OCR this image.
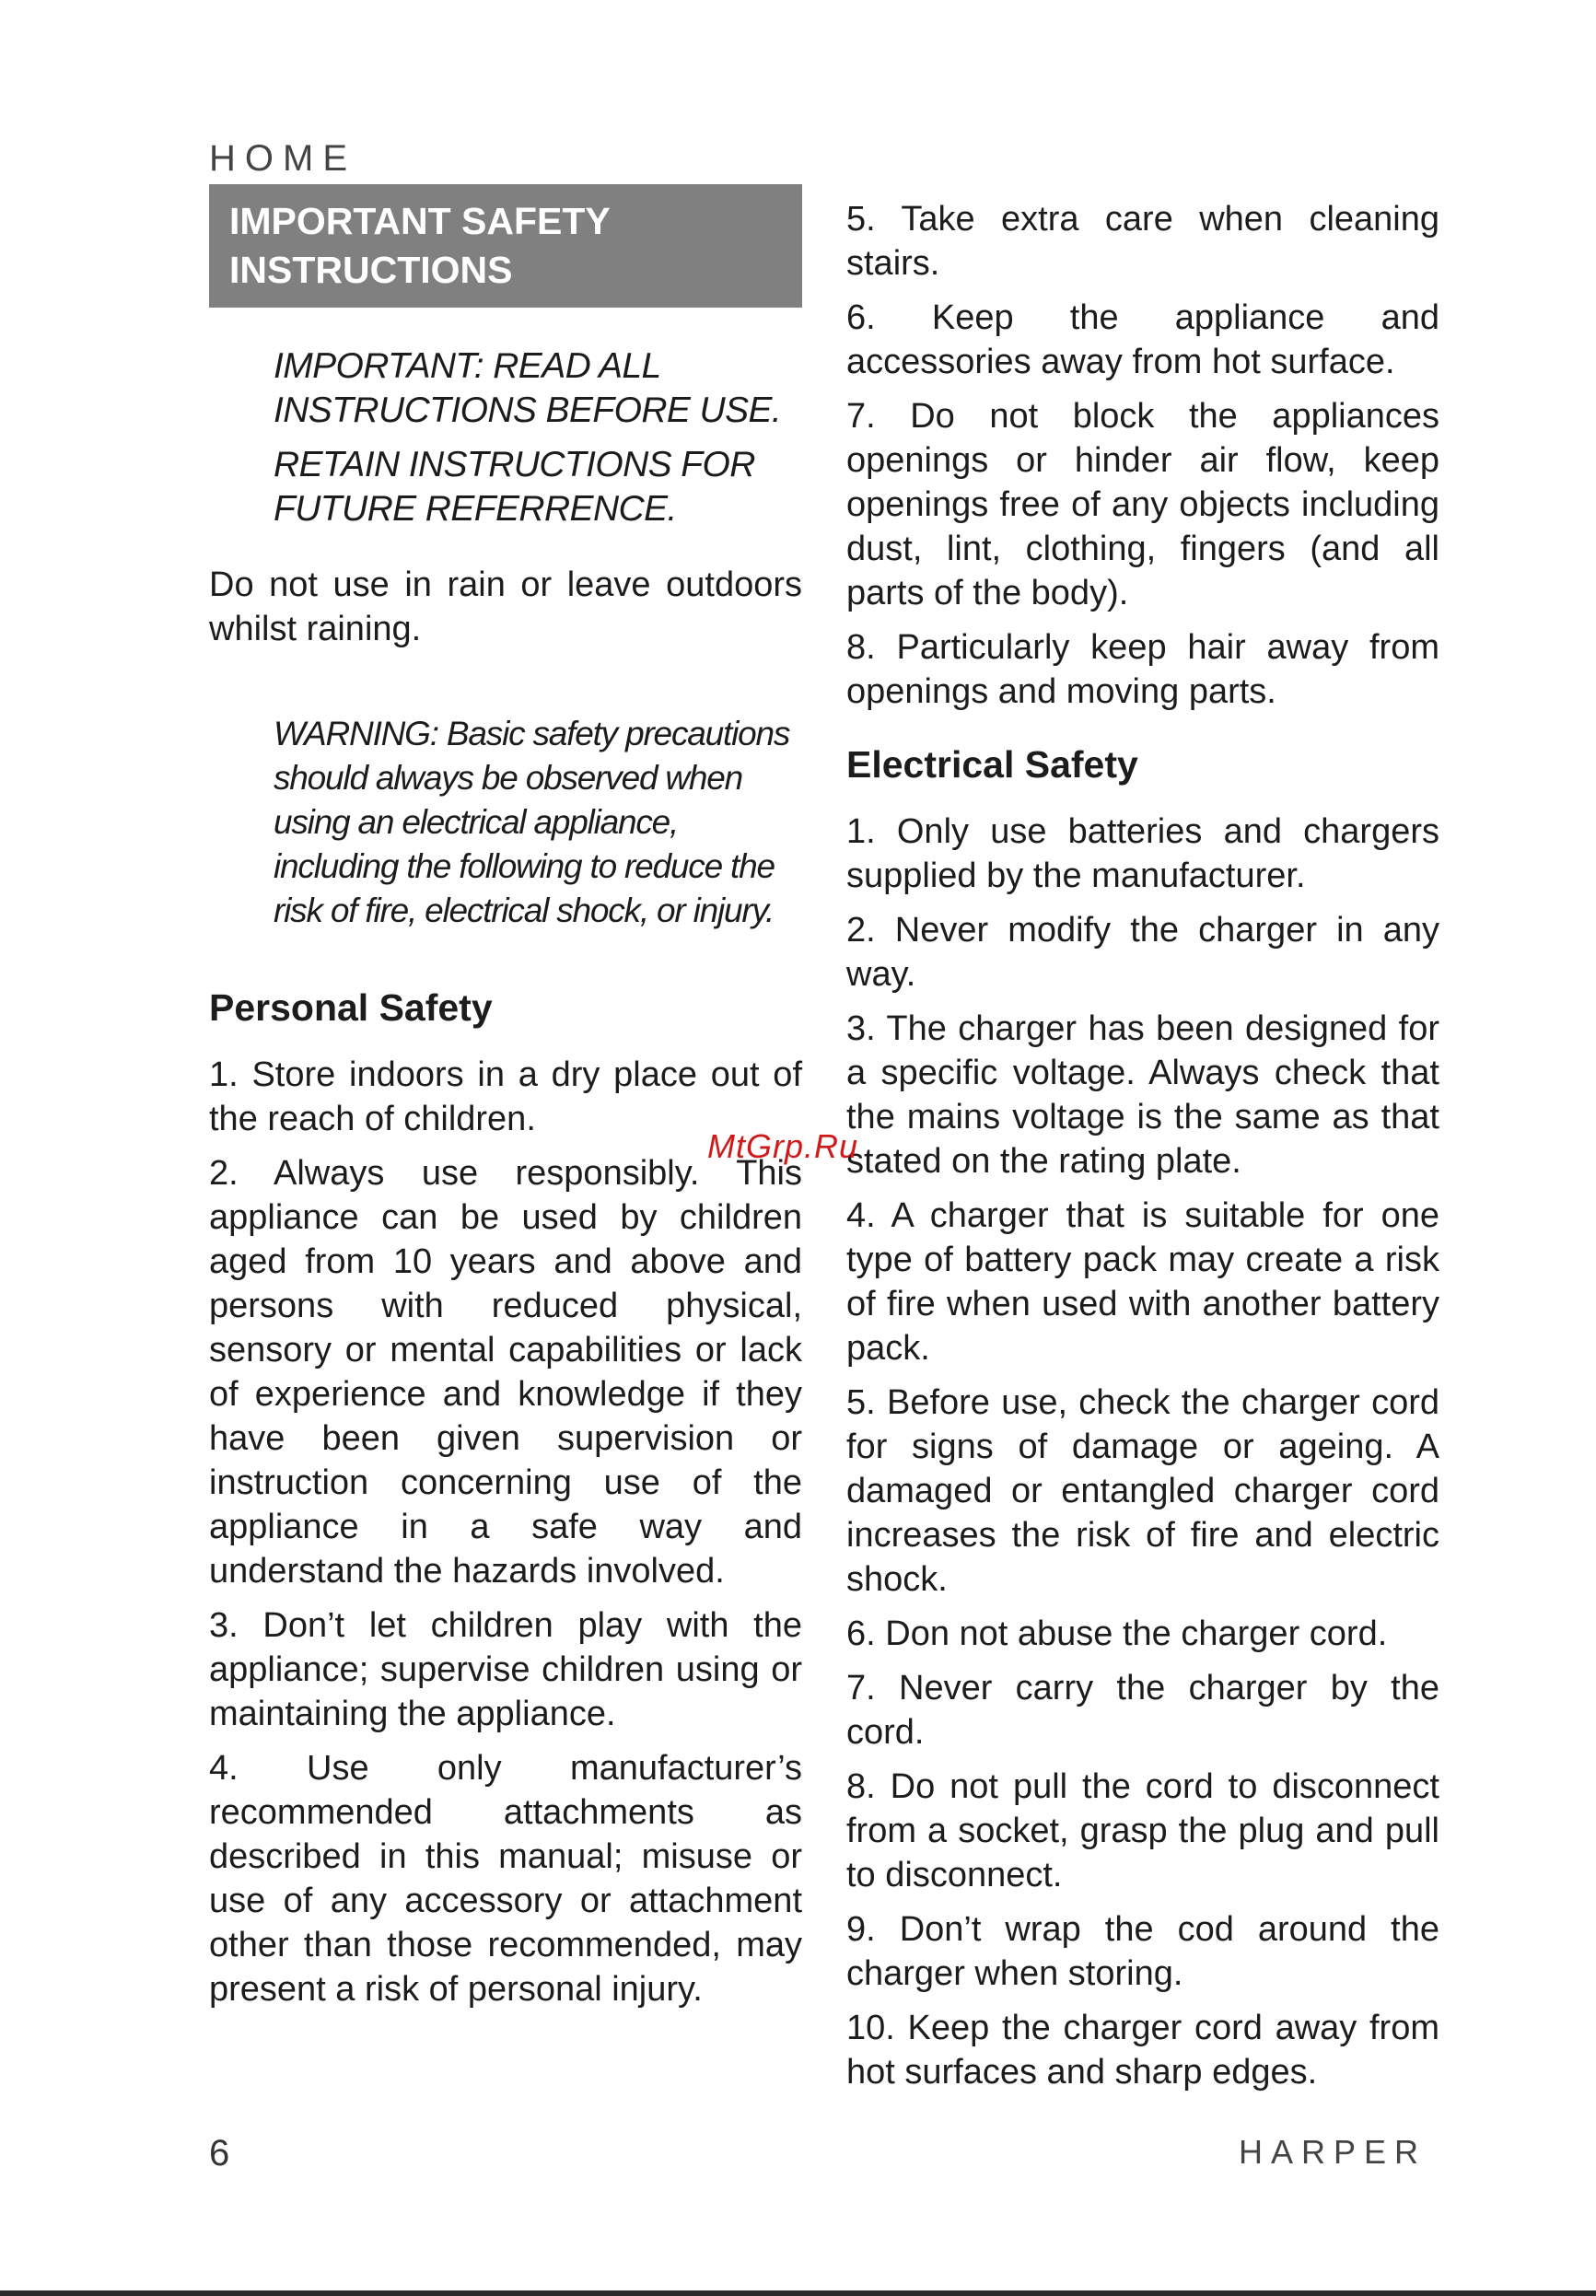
HOME
IMPORTANT SAFETY
INSTRUCTIONS

IMPORTANT: READ ALL INSTRUCTIONS BEFORE USE.

RETAIN INSTRUCTIONS FOR FUTURE REFERRENCE.

Do not use in rain or leave outdoors whilst raining.

WARNING: Basic safety precautions should always be observed when using an electrical appliance, including the following to reduce the risk of fire, electrical shock, or injury.
Personal Safety

1. Store indoors in a dry place out of the reach of children.

2. Always use responsibly. This appliance can be used by children aged from 10 years and above and persons with reduced physical, sensory or mental capabilities or lack of experience and knowledge if they have been given supervision or instruction concerning use of the appliance in a safe way and understand the hazards involved.

3. Don’t let children play with the appliance; supervise children using or maintaining the appliance.

4. Use only manufacturer’s recommended attachments as described in this manual; misuse or use of any accessory or attachment other than those recommended, may present a risk of personal injury.

5. Take extra care when cleaning stairs.

6. Keep the appliance and accessories away from hot surface.

7. Do not block the appliances openings or hinder air flow, keep openings free of any objects including dust, lint, clothing, fingers (and all parts of the body).

8. Particularly keep hair away from openings and moving parts.

Electrical Safety

1. Only use batteries and chargers supplied by the manufacturer.

2. Never modify the charger in any way.

3. The charger has been designed for a specific voltage. Always check that the mains voltage is the same as that stated on the rating plate.

4. A charger that is suitable for one type of battery pack may create a risk of fire when used with another battery pack.

5. Before use, check the charger cord for signs of damage or ageing. A damaged or entangled charger cord increases the risk of fire and electric shock.

6. Don not abuse the charger cord.

7. Never carry the charger by the cord.

8. Do not pull the cord to disconnect from a socket, grasp the plug and pull to disconnect.

9. Don’t wrap the cod around the charger when storing.

10. Keep the charger cord away from hot surfaces and sharp edges.

MtGrp.Ru
6	HARPER
